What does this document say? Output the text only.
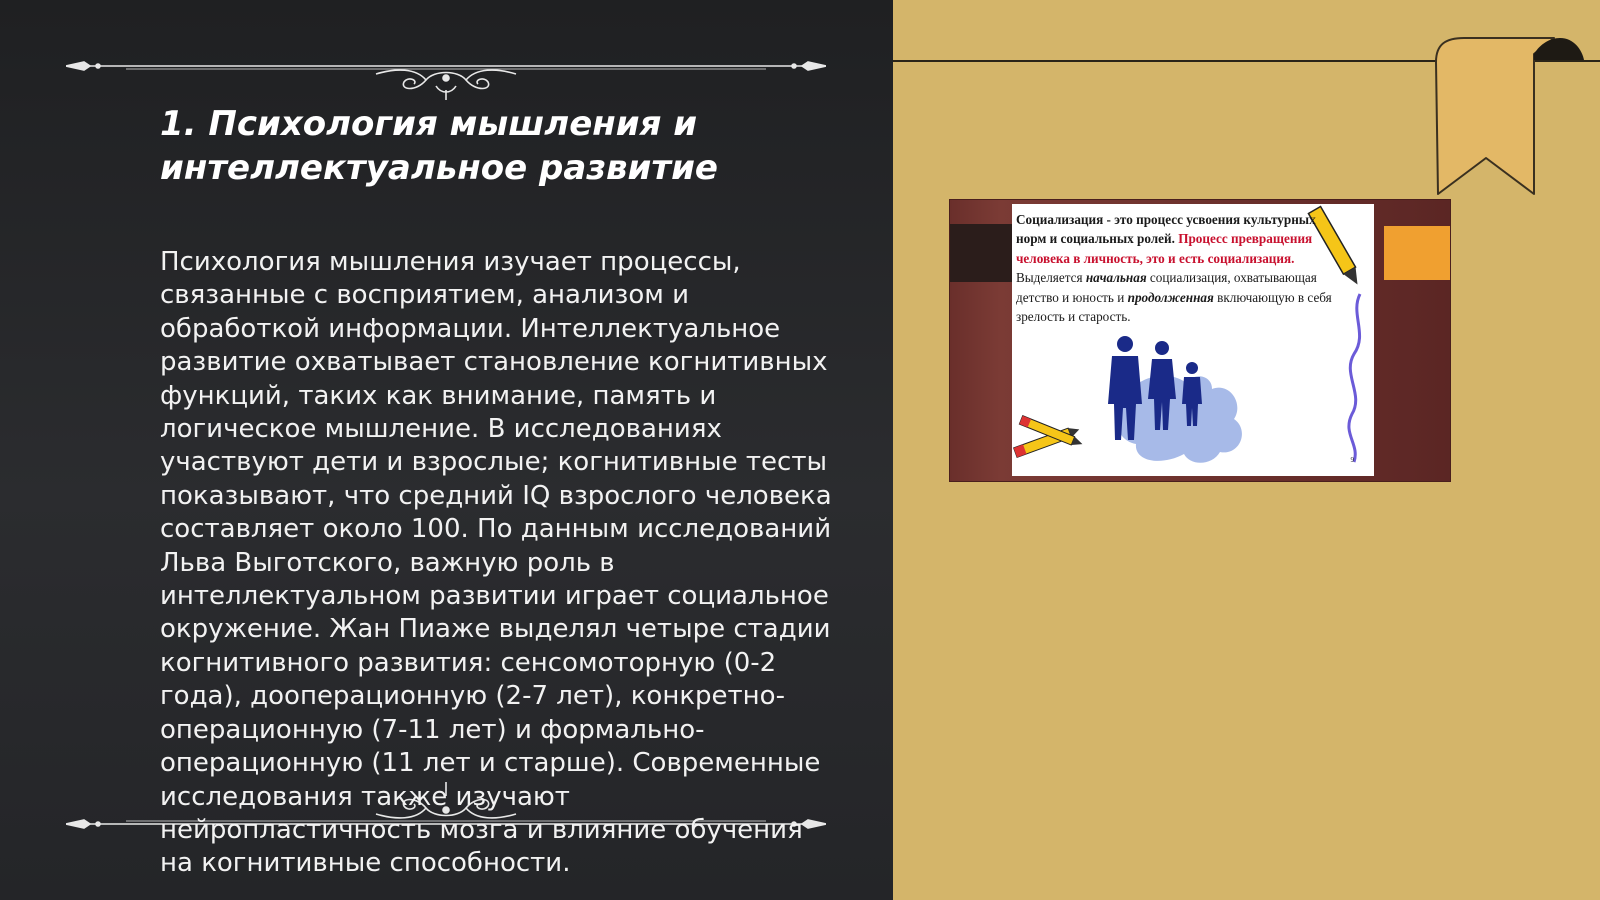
1. Психология мышления и интеллектуальное развитие

Психология мышления изучает процессы, связанные с восприятием, анализом и обработкой информации. Интеллектуальное развитие охватывает становление когнитивных функций, таких как внимание, память и логическое мышление. В исследованиях участвуют дети и взрослые; когнитивные тесты показывают, что средний IQ взрослого человека составляет около 100. По данным исследований Льва Выготского, важную роль в интеллектуальном развитии играет социальное окружение. Жан Пиаже выделял четыре стадии когнитивного развития: сенсомоторную (0-2 года), дооперационную (2-7 лет), конкретно-операционную (7-11 лет) и формально-операционную (11 лет и старше). Современные исследования также изучают нейропластичность мозга и влияние обучения на когнитивные способности.

Социализация - это процесс усвоения культурных норм и социальных ролей. Процесс превращения человека в личность, это и есть социализация. Выделяется начальная социализация, охватывающая детство и юность и продолженная включающую в себя зрелость и старость.

9
